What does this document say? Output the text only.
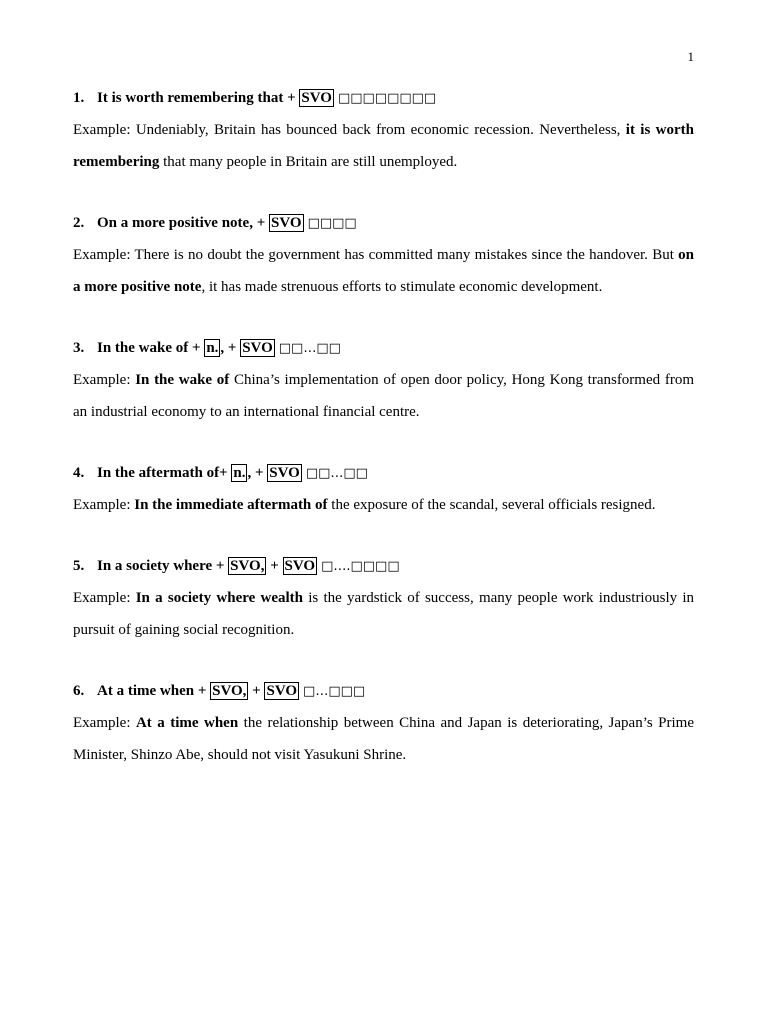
1
1. It is worth remembering that + SVO □□□□□□□□

Example: Undeniably, Britain has bounced back from economic recession. Nevertheless, it is worth remembering that many people in Britain are still unemployed.

2. On a more positive note, + SVO □□□□

Example: There is no doubt the government has committed many mistakes since the handover. But on a more positive note, it has made strenuous efforts to stimulate economic development.

3. In the wake of + n. , + SVO □□…□□

Example: In the wake of China’s implementation of open door policy, Hong Kong transformed from an industrial economy to an international financial centre.

4. In the aftermath of+ n. , + SVO □□…□□

Example: In the immediate aftermath of the exposure of the scandal, several officials resigned.

5. In a society where + SVO, + SVO □….□□□□

Example: In a society where wealth is the yardstick of success, many people work industriously in pursuit of gaining social recognition.

6. At a time when + SVO, + SVO □…□□□

Example: At a time when the relationship between China and Japan is deteriorating, Japan’s Prime Minister, Shinzo Abe, should not visit Yasukuni Shrine.
